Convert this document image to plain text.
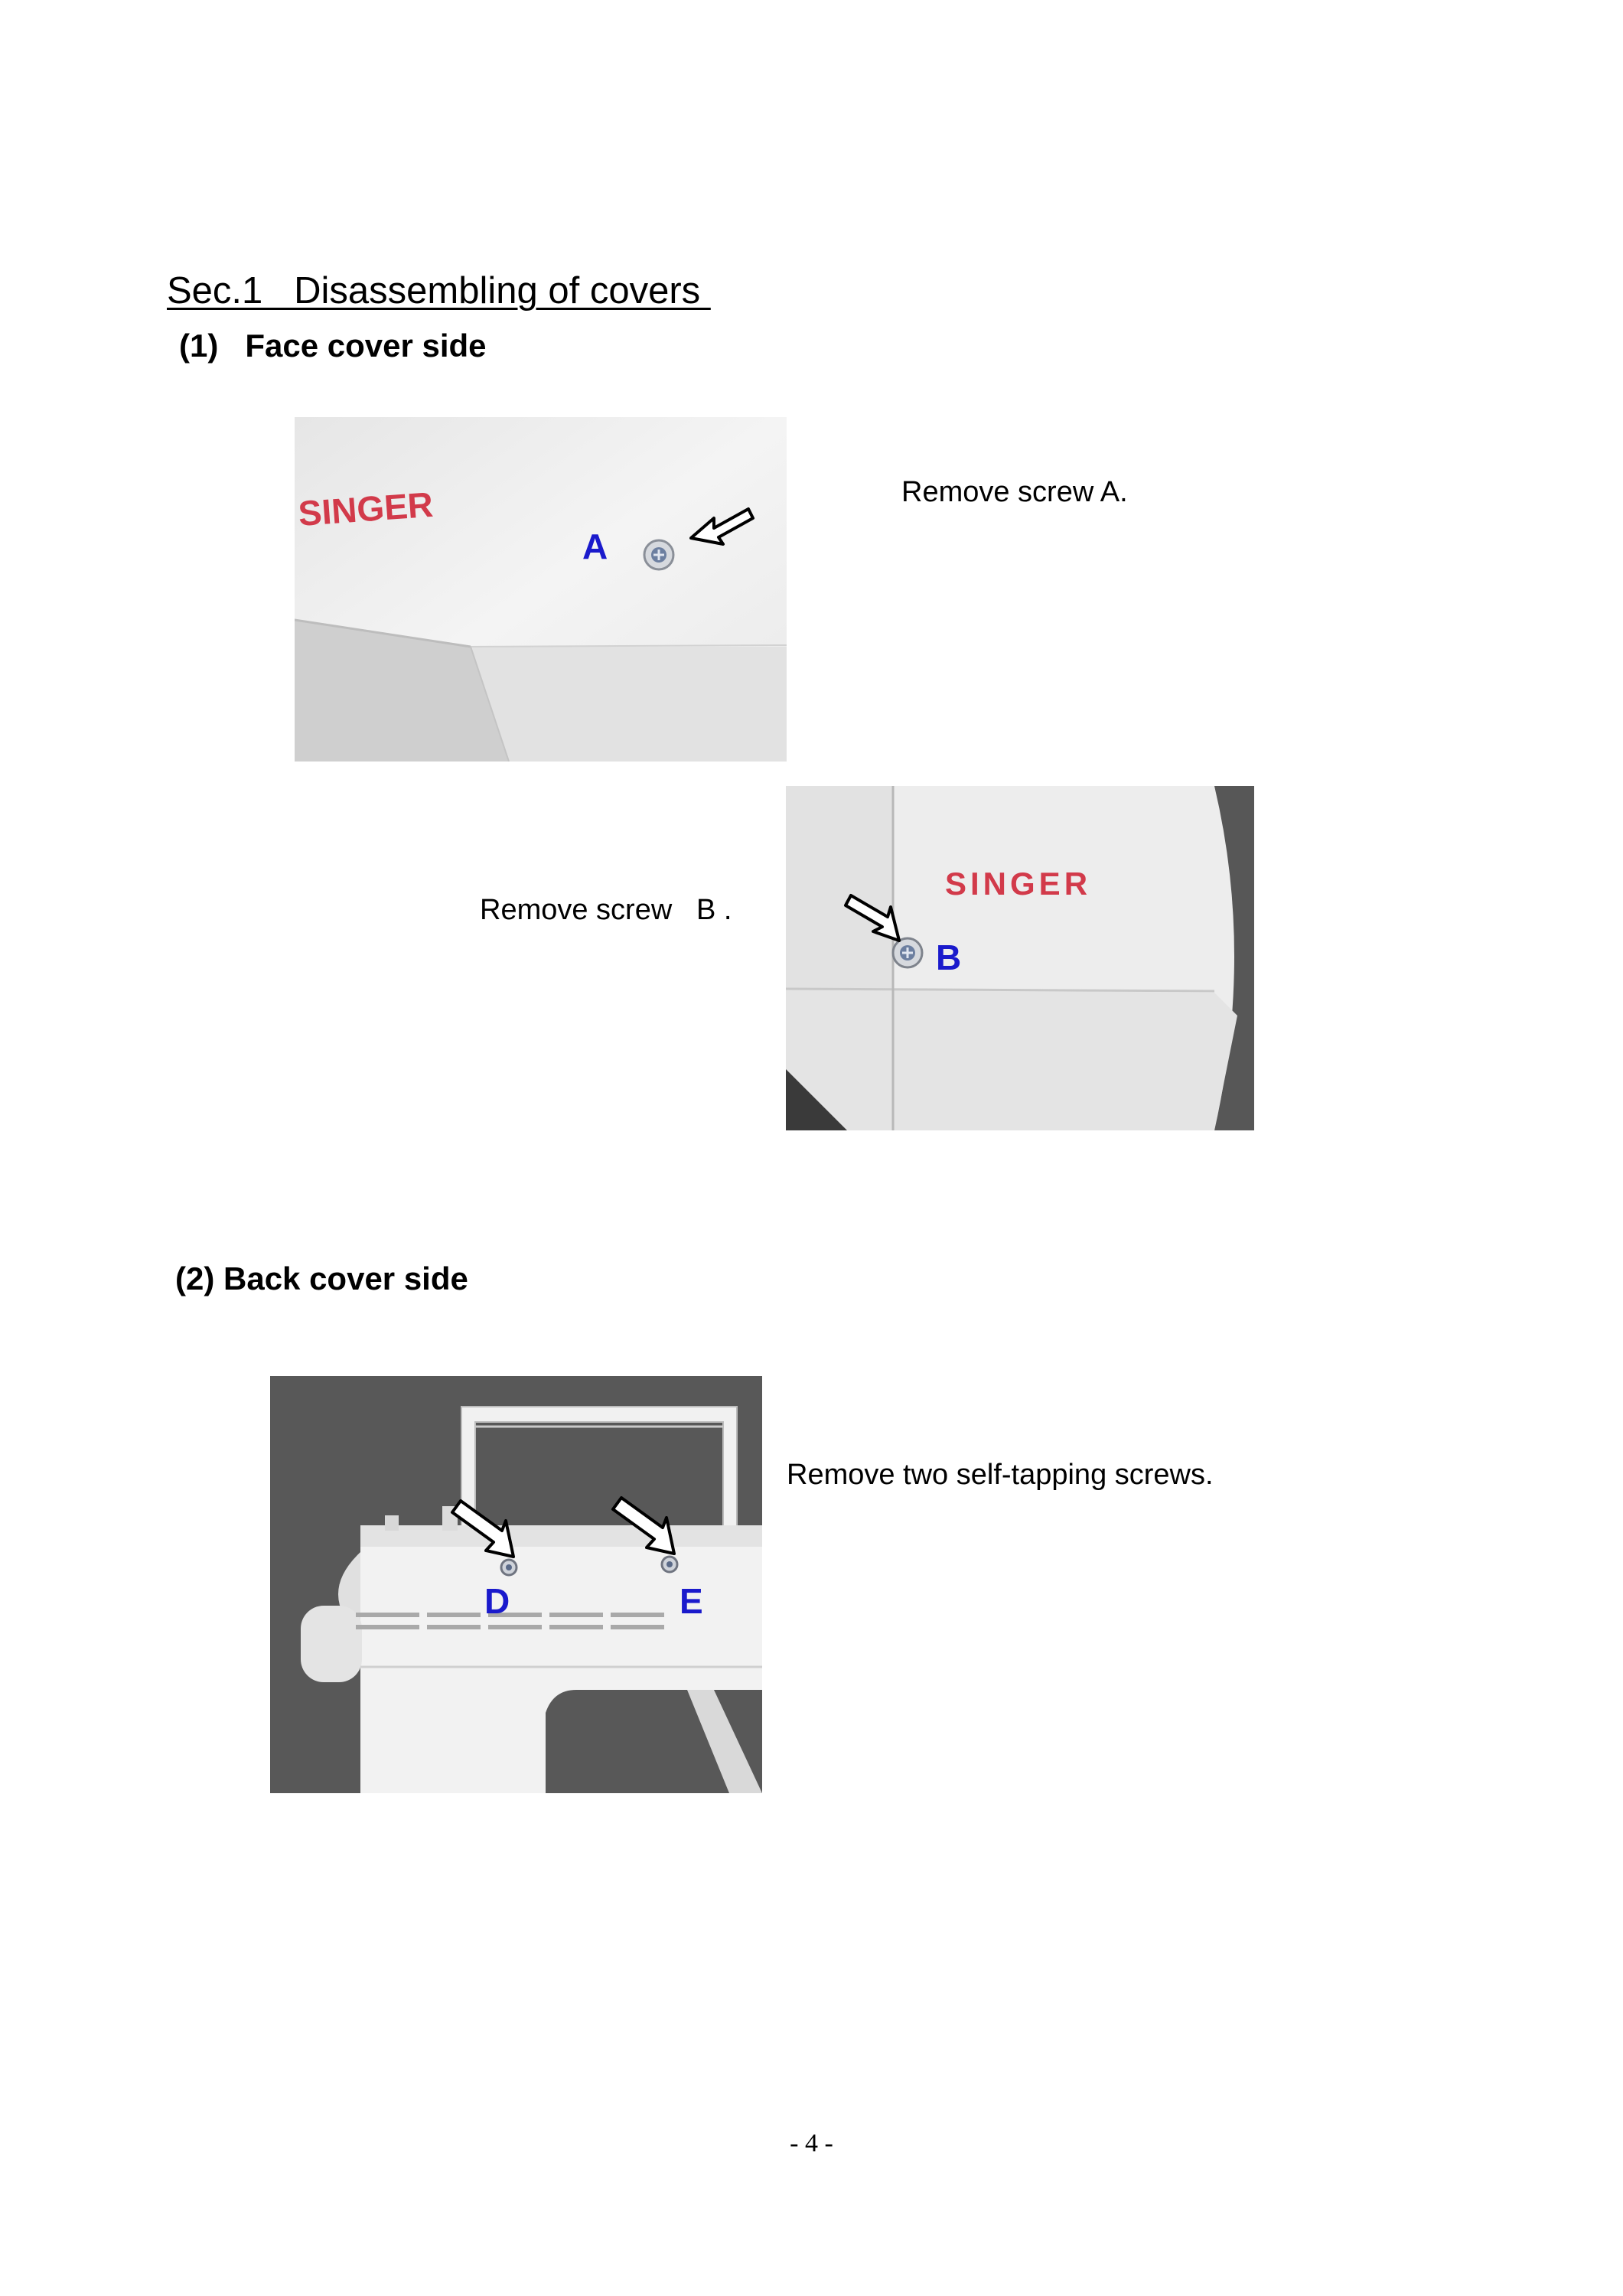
Sec.1   Disassembling of covers
(1)   Face cover side
SINGER
A
Remove screw A.
Remove screw   B .
SINGER
B
(2) Back cover side
D	E
Remove two self-tapping screws.
- 4 -
